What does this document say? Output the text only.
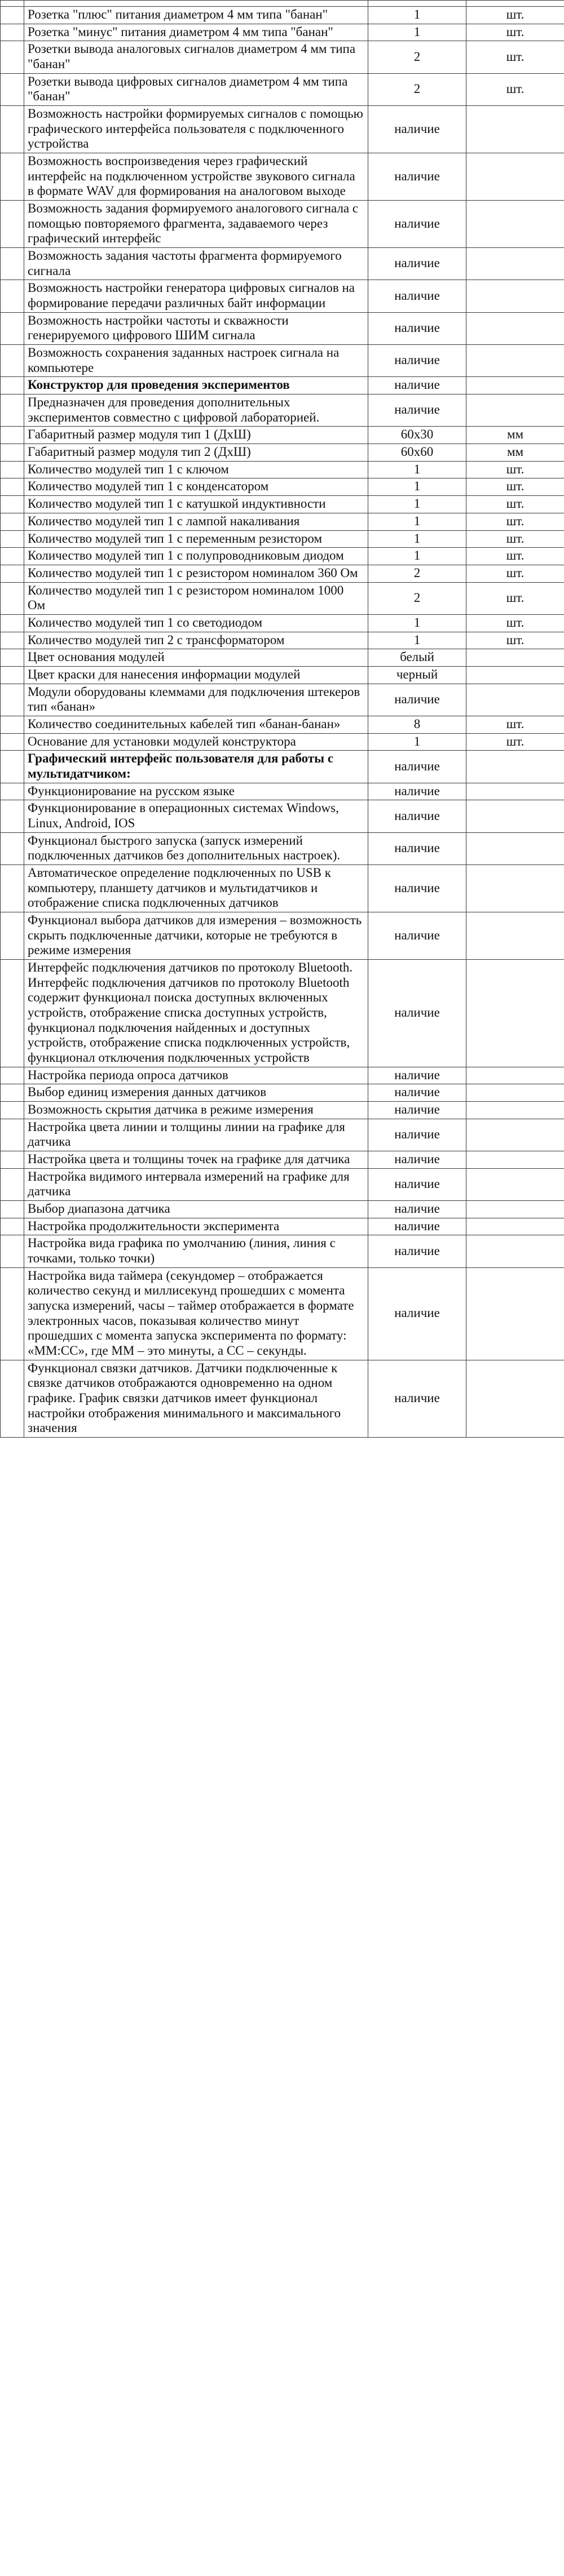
	Розетка "плюс" питания диаметром 4 мм типа "банан"	1	шт.
	Розетка "минус" питания диаметром 4 мм типа "банан"	1	шт.
	Розетки вывода аналоговых сигналов диаметром 4 мм типа "банан"	2	шт.
	Розетки вывода цифровых сигналов диаметром 4 мм типа "банан"	2	шт.
	Возможность настройки формируемых сигналов с помощью графического интерфейса пользователя с подключенного устройства	наличие	
	Возможность воспроизведения через графический интерфейс на подключенном устройстве звукового сигнала в формате WAV для формирования на аналоговом выходе	наличие	
	Возможность задания формируемого аналогового сигнала с помощью повторяемого фрагмента, задаваемого через графический интерфейс	наличие	
	Возможность задания частоты фрагмента формируемого сигнала	наличие	
	Возможность настройки генератора цифровых сигналов на формирование передачи различных байт информации	наличие	
	Возможность настройки частоты и скважности генерируемого цифрового ШИМ сигнала	наличие	
	Возможность сохранения заданных настроек сигнала на компьютере	наличие	
	Конструктор для проведения экспериментов	наличие	
	Предназначен для проведения дополнительных экспериментов совместно с цифровой лабораторией.	наличие	
	Габаритный размер модуля тип 1 (ДхШ)	60х30	мм
	Габаритный размер модуля тип 2 (ДхШ)	60х60	мм
	Количество модулей тип 1 с ключом	1	шт.
	Количество модулей тип 1 с конденсатором	1	шт.
	Количество модулей тип 1 с катушкой индуктивности	1	шт.
	Количество модулей тип 1 с лампой накаливания	1	шт.
	Количество модулей тип 1 с переменным резистором	1	шт.
	Количество модулей тип 1 с полупроводниковым диодом	1	шт.
	Количество модулей тип 1 с резистором номиналом 360 Ом	2	шт.
	Количество модулей тип 1 с резистором номиналом 1000 Ом	2	шт.
	Количество модулей тип 1 со светодиодом	1	шт.
	Количество модулей тип 2 с трансформатором	1	шт.
	Цвет основания модулей	белый	
	Цвет краски для нанесения информации модулей	черный	
	Модули оборудованы клеммами для подключения штекеров тип «банан»	наличие	
	Количество соединительных кабелей тип «банан-банан»	8	шт.
	Основание для установки модулей конструктора	1	шт.
	Графический интерфейс пользователя для работы с мультидатчиком:	наличие	
	Функционирование на русском языке	наличие	
	Функционирование в операционных системах Windows, Linux, Android, IOS	наличие	
	Функционал быстрого запуска (запуск измерений подключенных датчиков без дополнительных настроек).	наличие	
	Автоматическое определение подключенных по USB к компьютеру, планшету датчиков и мультидатчиков и отображение списка подключенных датчиков	наличие	
	Функционал выбора датчиков для измерения – возможность скрыть подключенные датчики, которые не требуются в режиме измерения	наличие	
	Интерфейс подключения датчиков по протоколу Bluetooth. Интерфейс подключения датчиков по протоколу Bluetooth содержит функционал поиска доступных включенных устройств, отображение списка доступных устройств, функционал подключения найденных и доступных устройств, отображение списка подключенных устройств, функционал отключения подключенных устройств	наличие	
	Настройка периода опроса датчиков	наличие	
	Выбор единиц измерения данных датчиков	наличие	
	Возможность скрытия датчика в режиме измерения	наличие	
	Настройка цвета линии и толщины линии на графике для датчика	наличие	
	Настройка цвета и толщины точек на графике для датчика	наличие	
	Настройка видимого интервала измерений на графике для датчика	наличие	
	Выбор диапазона датчика	наличие	
	Настройка продолжительности эксперимента	наличие	
	Настройка вида графика по умолчанию (линия, линия с точками, только точки)	наличие	
	Настройка вида таймера (секундомер – отображается количество секунд и миллисекунд прошедших с момента запуска измерений, часы – таймер отображается в формате электронных часов, показывая количество минут прошедших с момента запуска эксперимента по формату: «ММ:СС», где ММ – это минуты, а СС – секунды.	наличие	
	Функционал связки датчиков. Датчики подключенные к связке датчиков отображаются одновременно на одном графике. График связки датчиков имеет функционал настройки отображения минимального и максимального значения	наличие	
